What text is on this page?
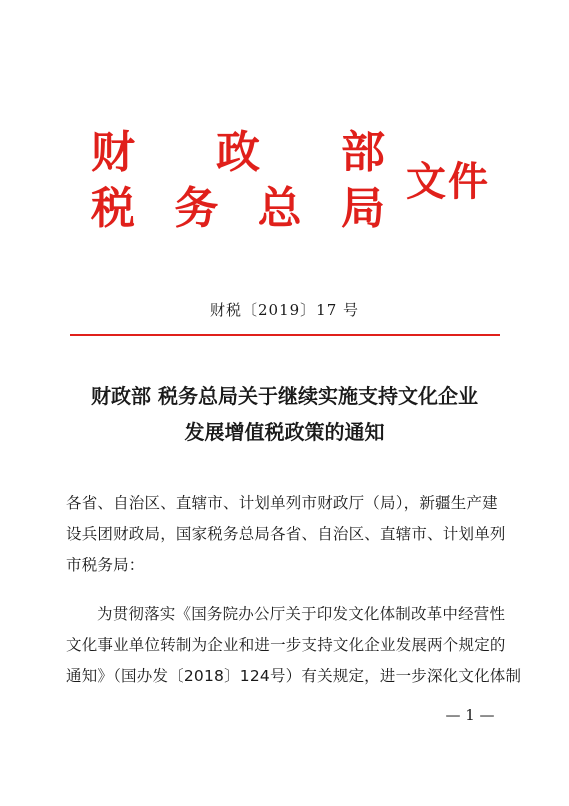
财 政 部
税 务 总 局
文件
财税〔2019〕17 号
财政部 税务总局关于继续实施支持文化企业
发展增值税政策的通知
各省、自治区、直辖市、计划单列市财政厅（局），新疆生产建
设兵团财政局，国家税务总局各省、自治区、直辖市、计划单列
市税务局：
为贯彻落实《国务院办公厅关于印发文化体制改革中经营性
文化事业单位转制为企业和进一步支持文化企业发展两个规定的
通知》（国办发〔2018〕124号）有关规定，进一步深化文化体制
— 1 —
